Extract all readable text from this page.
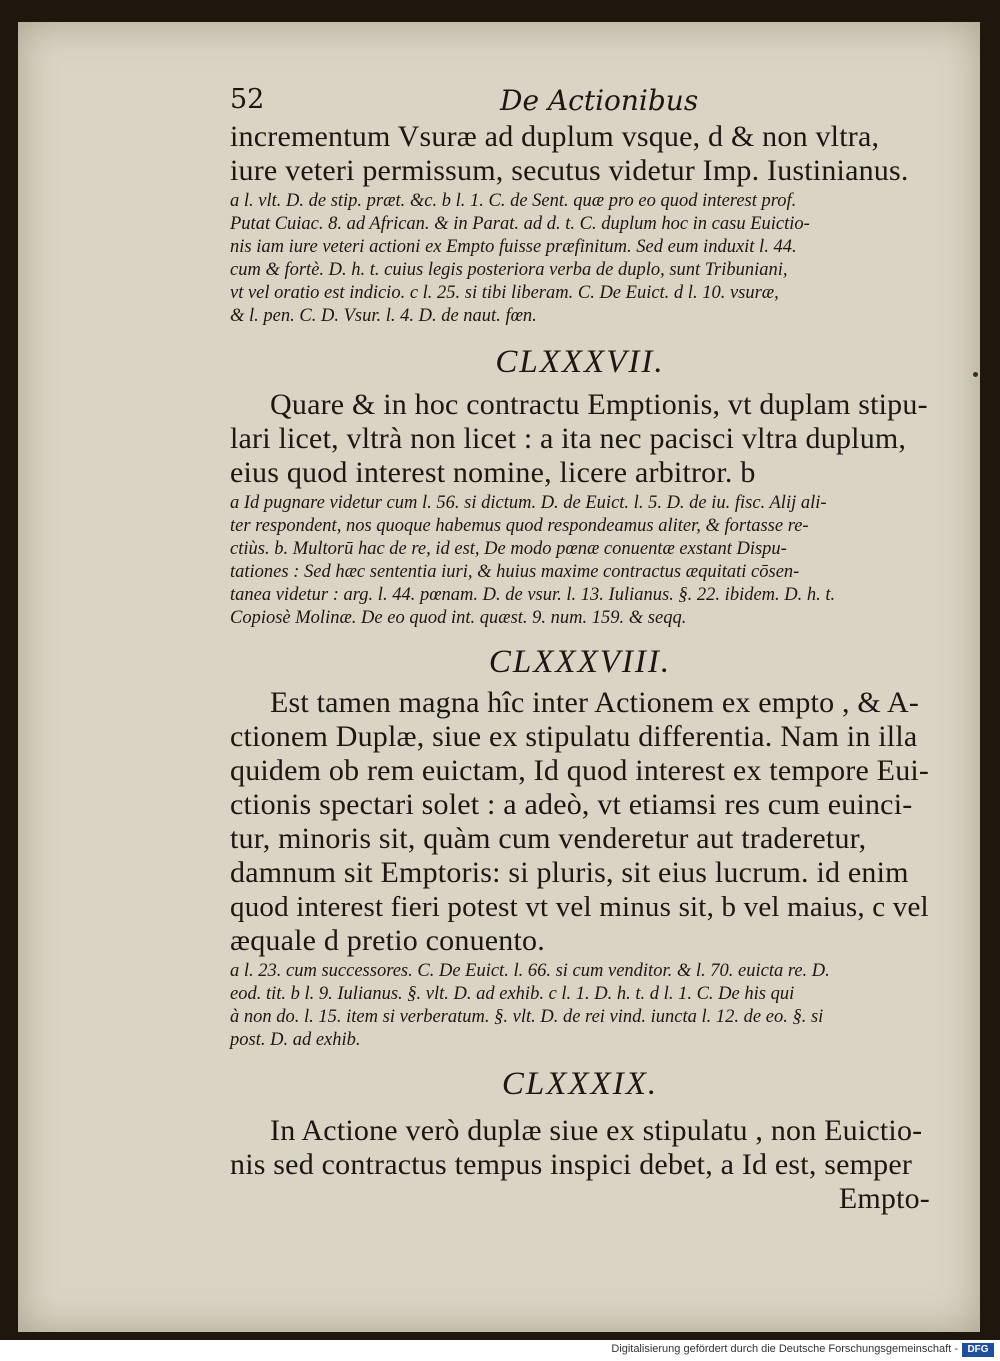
52	De Actionibus
incrementum Vsuræ ad duplum vsque, d & non vltra,
iure veteri permissum, secutus videtur Imp. Iustinianus.
a l. vlt. D. de stip. prӕt. &c. b l. 1. C. de Sent. quæ pro eo quod interest prof.
Putat Cuiac. 8. ad African. & in Parat. ad d. t. C. duplum hoc in casu Euictio-
nis iam iure veteri actioni ex Empto fuisse præfinitum. Sed eum induxit l. 44.
cum & fortè. D. h. t. cuius legis posteriora verba de duplo, sunt Tribuniani,
vt vel oratio est indicio. c l. 25. si tibi liberam. C. De Euict. d l. 10. vsuræ,
& l. pen. C. D. Vsur. l. 4. D. de naut. fœn.
CLXXXVII.
Quare & in hoc contractu Emptionis, vt duplam stipu-
lari licet, vltrà non licet : a ita nec pacisci vltra duplum,
eius quod interest nomine, licere arbitror. b
a Id pugnare videtur cum l. 56. si dictum. D. de Euict. l. 5. D. de iu. fisc. Alij ali-
ter respondent, nos quoque habemus quod respondeamus aliter, & fortasse re-
ctiùs. b. Multorū hac de re, id est, De modo pœnæ conuentæ exstant Dispu-
tationes : Sed hæc sententia iuri, & huius maxime contractus æquitati cōsen-
tanea videtur : arg. l. 44. pœnam. D. de vsur. l. 13. Iulianus. §. 22. ibidem. D. h. t.
Copiosè Molinæ. De eo quod int. quæst. 9. num. 159. & seqq.
CLXXXVIII.
Est tamen magna hîc inter Actionem ex empto , & A-
ctionem Duplæ, siue ex stipulatu differentia. Nam in illa
quidem ob rem euictam, Id quod interest ex tempore Eui-
ctionis spectari solet : a adeò, vt etiamsi res cum euinci-
tur, minoris sit, quàm cum venderetur aut traderetur,
damnum sit Emptoris: si pluris, sit eius lucrum. id enim
quod interest fieri potest vt vel minus sit, b vel maius, c vel
æquale d pretio conuento.
a l. 23. cum successores. C. De Euict. l. 66. si cum venditor. & l. 70. euicta re. D.
eod. tit. b l. 9. Iulianus. §. vlt. D. ad exhib. c l. 1. D. h. t. d l. 1. C. De his qui
à non do. l. 15. item si verberatum. §. vlt. D. de rei vind. iuncta l. 12. de eo. §. si
post. D. ad exhib.
CLXXXIX.
In Actione verò duplæ siue ex stipulatu , non Euictio-
nis sed contractus tempus inspici debet, a Id est, semper
Empto-
Digitalisierung gefördert durch die Deutsche Forschungsgemeinschaft - DFG
